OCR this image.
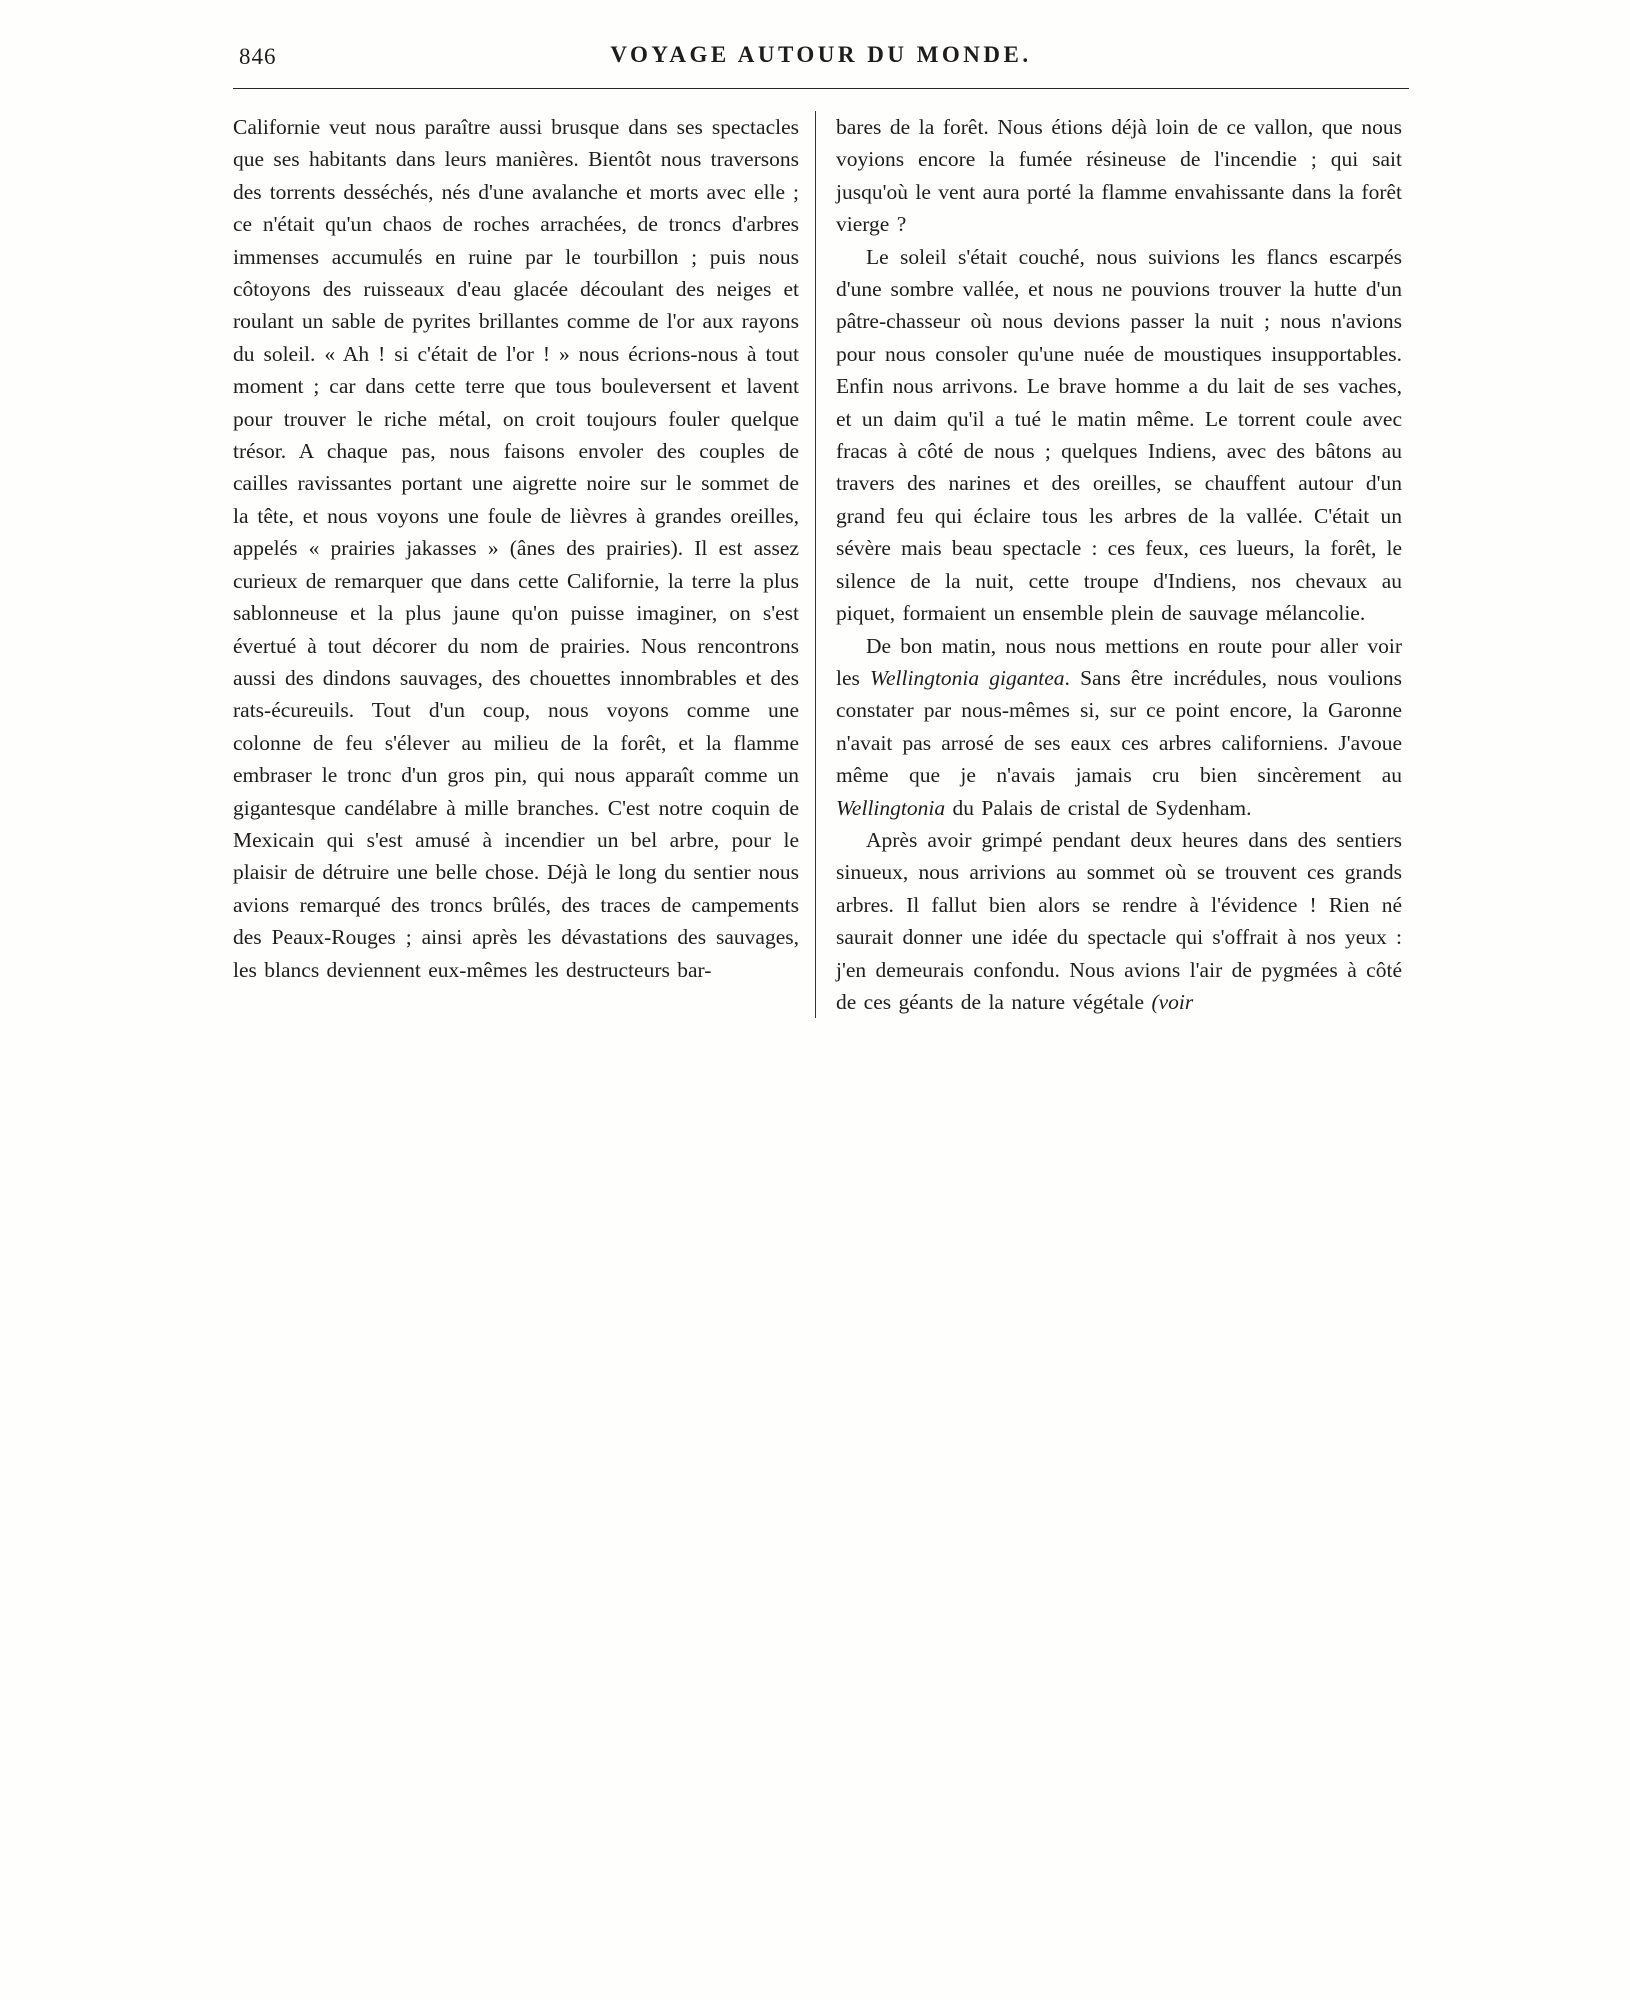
846	VOYAGE AUTOUR DU MONDE.

Californie veut nous paraître aussi brusque dans ses spectacles que ses habitants dans leurs manières. Bientôt nous traversons des torrents desséchés, nés d'une avalanche et morts avec elle ; ce n'était qu'un chaos de roches arrachées, de troncs d'arbres immenses accumulés en ruine par le tourbillon ; puis nous côtoyons des ruisseaux d'eau glacée découlant des neiges et roulant un sable de pyrites brillantes comme de l'or aux rayons du soleil. « Ah ! si c'était de l'or ! » nous écrions-nous à tout moment ; car dans cette terre que tous bouleversent et lavent pour trouver le riche métal, on croit toujours fouler quelque trésor. A chaque pas, nous faisons envoler des couples de cailles ravissantes portant une aigrette noire sur le sommet de la tête, et nous voyons une foule de lièvres à grandes oreilles, appelés « prairies jakasses » (ânes des prairies). Il est assez curieux de remarquer que dans cette Californie, la terre la plus sablonneuse et la plus jaune qu'on puisse imaginer, on s'est évertué à tout décorer du nom de prairies. Nous rencontrons aussi des dindons sauvages, des chouettes innombrables et des rats-écureuils. Tout d'un coup, nous voyons comme une colonne de feu s'élever au milieu de la forêt, et la flamme embraser le tronc d'un gros pin, qui nous apparaît comme un gigantesque candélabre à mille branches. C'est notre coquin de Mexicain qui s'est amusé à incendier un bel arbre, pour le plaisir de détruire une belle chose. Déjà le long du sentier nous avions remarqué des troncs brûlés, des traces de campements des Peaux-Rouges ; ainsi après les dévastations des sauvages, les blancs deviennent eux-mêmes les destructeurs bar-

bares de la forêt. Nous étions déjà loin de ce vallon, que nous voyions encore la fumée résineuse de l'incendie ; qui sait jusqu'où le vent aura porté la flamme envahissante dans la forêt vierge ?

Le soleil s'était couché, nous suivions les flancs escarpés d'une sombre vallée, et nous ne pouvions trouver la hutte d'un pâtre-chasseur où nous devions passer la nuit ; nous n'avions pour nous consoler qu'une nuée de moustiques insupportables. Enfin nous arrivons. Le brave homme a du lait de ses vaches, et un daim qu'il a tué le matin même. Le torrent coule avec fracas à côté de nous ; quelques Indiens, avec des bâtons au travers des narines et des oreilles, se chauffent autour d'un grand feu qui éclaire tous les arbres de la vallée. C'était un sévère mais beau spectacle : ces feux, ces lueurs, la forêt, le silence de la nuit, cette troupe d'Indiens, nos chevaux au piquet, formaient un ensemble plein de sauvage mélancolie.

De bon matin, nous nous mettions en route pour aller voir les Wellingtonia gigantea. Sans être incrédules, nous voulions constater par nous-mêmes si, sur ce point encore, la Garonne n'avait pas arrosé de ses eaux ces arbres californiens. J'avoue même que je n'avais jamais cru bien sincèrement au Wellingtonia du Palais de cristal de Sydenham.

Après avoir grimpé pendant deux heures dans des sentiers sinueux, nous arrivions au sommet où se trouvent ces grands arbres. Il fallut bien alors se rendre à l'évidence ! Rien né saurait donner une idée du spectacle qui s'offrait à nos yeux : j'en demeurais confondu. Nous avions l'air de pygmées à côté de ces géants de la nature végétale (voir
